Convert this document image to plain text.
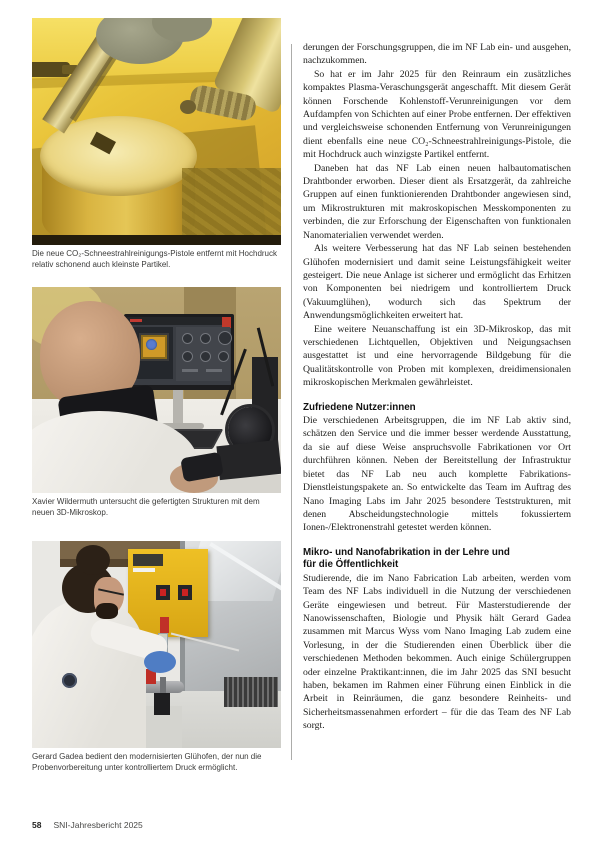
Die neue CO₂-Schneestrahlreinigungs-Pistole entfernt mit Hochdruck relativ schonend auch kleinste Partikel.
Xavier Wildermuth untersucht die gefertigten Strukturen mit dem neuen 3D-Mikroskop.
Gerard Gadea bedient den modernisierten Glühofen, der nun die Probenvorbereitung unter kontrolliertem Druck ermöglicht.

derungen der Forschungsgruppen, die im NF Lab ein- und ausgehen, nachzukommen.

So hat er im Jahr 2025 für den Reinraum ein zusätzliches kompaktes Plasma-Veraschungsgerät angeschafft. Mit diesem Gerät können Forschende Kohlenstoff-Verunreinigungen vor dem Aufdampfen von Schichten auf einer Probe entfernen. Der effektiven und vergleichsweise schonenden Entfernung von Verunreinigungen dient ebenfalls eine neue CO₂-Schneestrahlreinigungs-Pistole, die mit Hochdruck auch winzigste Partikel entfernt.

Daneben hat das NF Lab einen neuen halbautomatischen Drahtbonder erworben. Dieser dient als Ersatzgerät, da zahlreiche Gruppen auf einen funktionierenden Drahtbonder angewiesen sind, um Mikrostrukturen mit makroskopischen Messkomponenten zu verbinden, die zur Erforschung der Eigenschaften von funktionalen Nanomaterialien verwendet werden.

Als weitere Verbesserung hat das NF Lab seinen bestehenden Glühofen modernisiert und damit seine Leistungsfähigkeit weiter gesteigert. Die neue Anlage ist sicherer und ermöglicht das Erhitzen von Komponenten bei niedrigem und kontrolliertem Druck (Vakuumglühen), wodurch sich das Spektrum der Anwendungsmöglichkeiten erweitert hat.

Eine weitere Neuanschaffung ist ein 3D-Mikroskop, das mit verschiedenen Lichtquellen, Objektiven und Neigungsachsen ausgestattet ist und eine hervorragende Bildgebung für die Qualitätskontrolle von Proben mit komplexen, dreidimensionalen mikroskopischen Merkmalen gewährleistet.

Zufriedene Nutzer:innen

Die verschiedenen Arbeitsgruppen, die im NF Lab aktiv sind, schätzen den Service und die immer besser werdende Ausstattung, da sie auf diese Weise anspruchsvolle Fabrikationen vor Ort durchführen können. Neben der Bereitstellung der Infrastruktur bietet das NF Lab neu auch komplette Fabrikations-Dienstleistungspakete an. So entwickelte das Team im Auftrag des Nano Imaging Labs im Jahr 2025 besondere Teststrukturen, mit denen Abscheidungstechnologie mittels fokussiertem Ionen-/Elektronenstrahl getestet werden können.

Mikro- und Nanofabrikation in der Lehre und
für die Öffentlichkeit

Studierende, die im Nano Fabrication Lab arbeiten, werden vom Team des NF Labs individuell in die Nutzung der verschiedenen Geräte eingewiesen und betreut. Für Masterstudierende der Nanowissenschaften, Biologie und Physik hält Gerard Gadea zusammen mit Marcus Wyss vom Nano Imaging Lab zudem eine Vorlesung, in der die Studierenden einen Überblick über die verschiedenen Methoden bekommen. Auch einige Schülergruppen oder einzelne Praktikant:innen, die im Jahr 2025 das SNI besucht haben, bekamen im Rahmen einer Führung einen Einblick in die Arbeit in Reinräumen, die ganz besondere Reinheits- und Sicherheitsmassenahmen erfordert – für die das Team des NF Lab sorgt.

58 SNI-Jahresbericht 2025
